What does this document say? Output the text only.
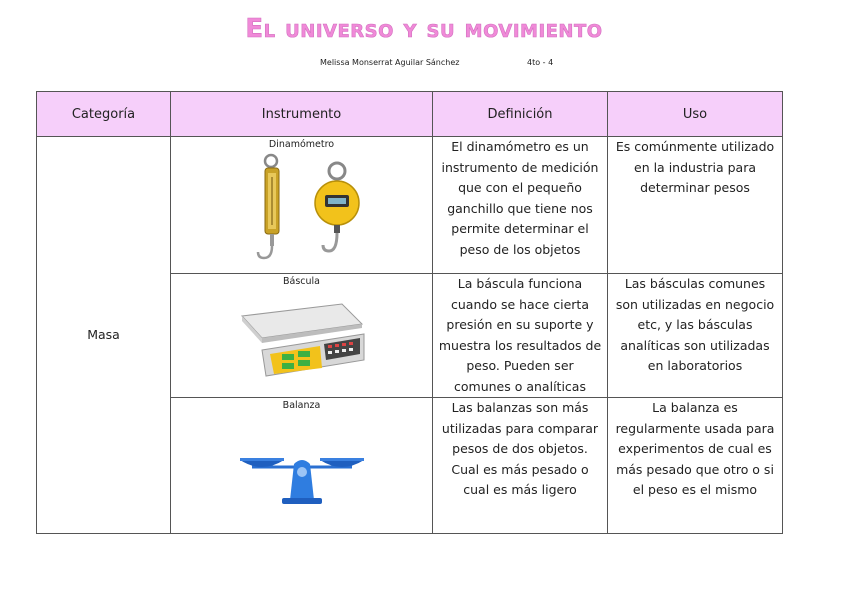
El universo y su movimiento
Melissa Monserrat Aguilar Sánchez	4to - 4
Categoría	Instrumento	Definición	Uso
Masa	Dinamómetro	El dinamómetro es un instrumento de medición que con el pequeño ganchillo que tiene nos permite determinar el peso de los objetos	Es comúnmente utilizado en la industria para determinar pesos

	Báscula	La báscula funciona cuando se hace cierta presión en su suporte y muestra los resultados de peso. Pueden ser comunes o analíticas	Las básculas comunes son utilizadas en negocio etc, y las básculas analíticas son utilizadas en laboratorios

	Balanza	Las balanzas son más utilizadas para comparar pesos de dos objetos. Cual es más pesado o cual es más ligero	La balanza es regularmente usada para experimentos de cual es más pesado que otro o si el peso es el mismo
